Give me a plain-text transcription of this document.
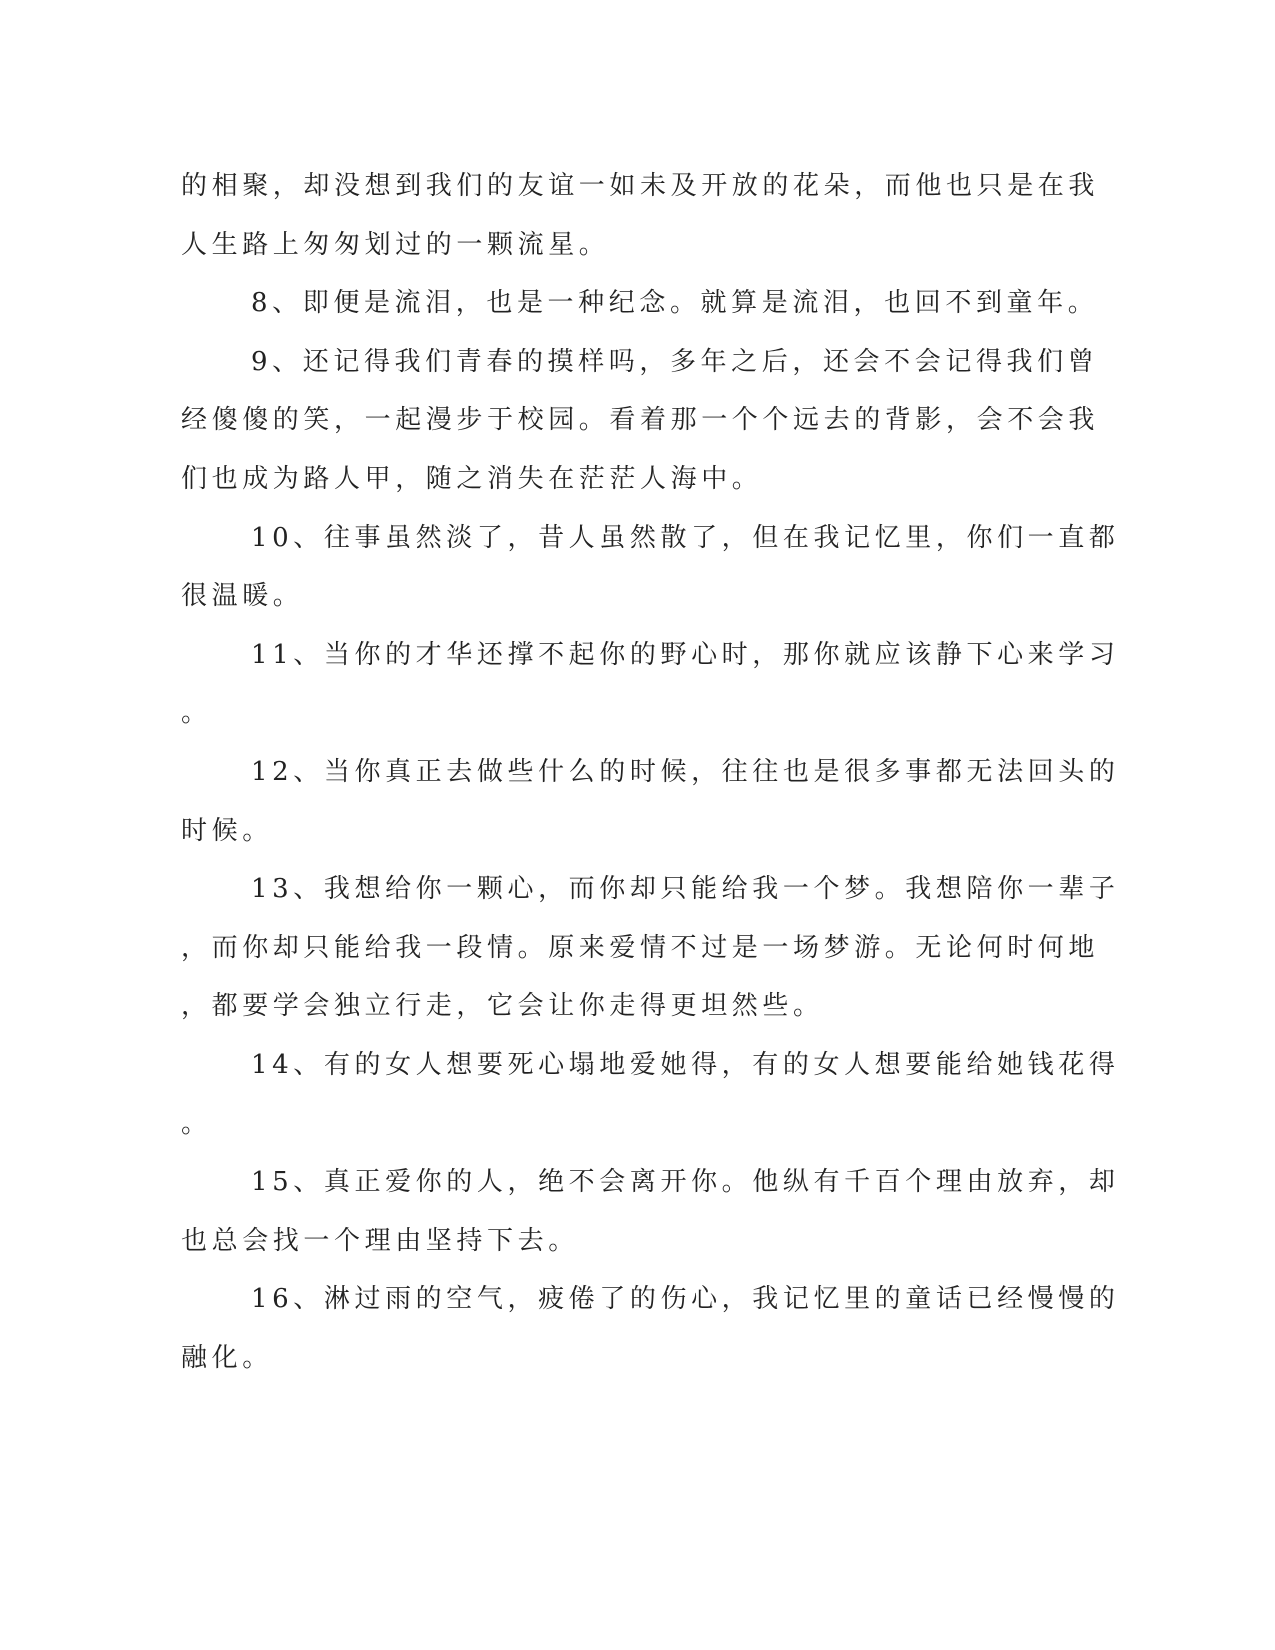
的相聚，却没想到我们的友谊一如未及开放的花朵，而他也只是在我

人生路上匆匆划过的一颗流星。

8、即便是流泪，也是一种纪念。就算是流泪，也回不到童年。

9、还记得我们青春的摸样吗，多年之后，还会不会记得我们曾

经傻傻的笑，一起漫步于校园。看着那一个个远去的背影，会不会我

们也成为路人甲，随之消失在茫茫人海中。

10、往事虽然淡了，昔人虽然散了，但在我记忆里，你们一直都

很温暖。

11、当你的才华还撑不起你的野心时，那你就应该静下心来学习

。

12、当你真正去做些什么的时候，往往也是很多事都无法回头的

时候。

13、我想给你一颗心，而你却只能给我一个梦。我想陪你一辈子

，而你却只能给我一段情。原来爱情不过是一场梦游。无论何时何地

，都要学会独立行走，它会让你走得更坦然些。

14、有的女人想要死心塌地爱她得，有的女人想要能给她钱花得

。

15、真正爱你的人，绝不会离开你。他纵有千百个理由放弃，却

也总会找一个理由坚持下去。

16、淋过雨的空气，疲倦了的伤心，我记忆里的童话已经慢慢的

融化。
